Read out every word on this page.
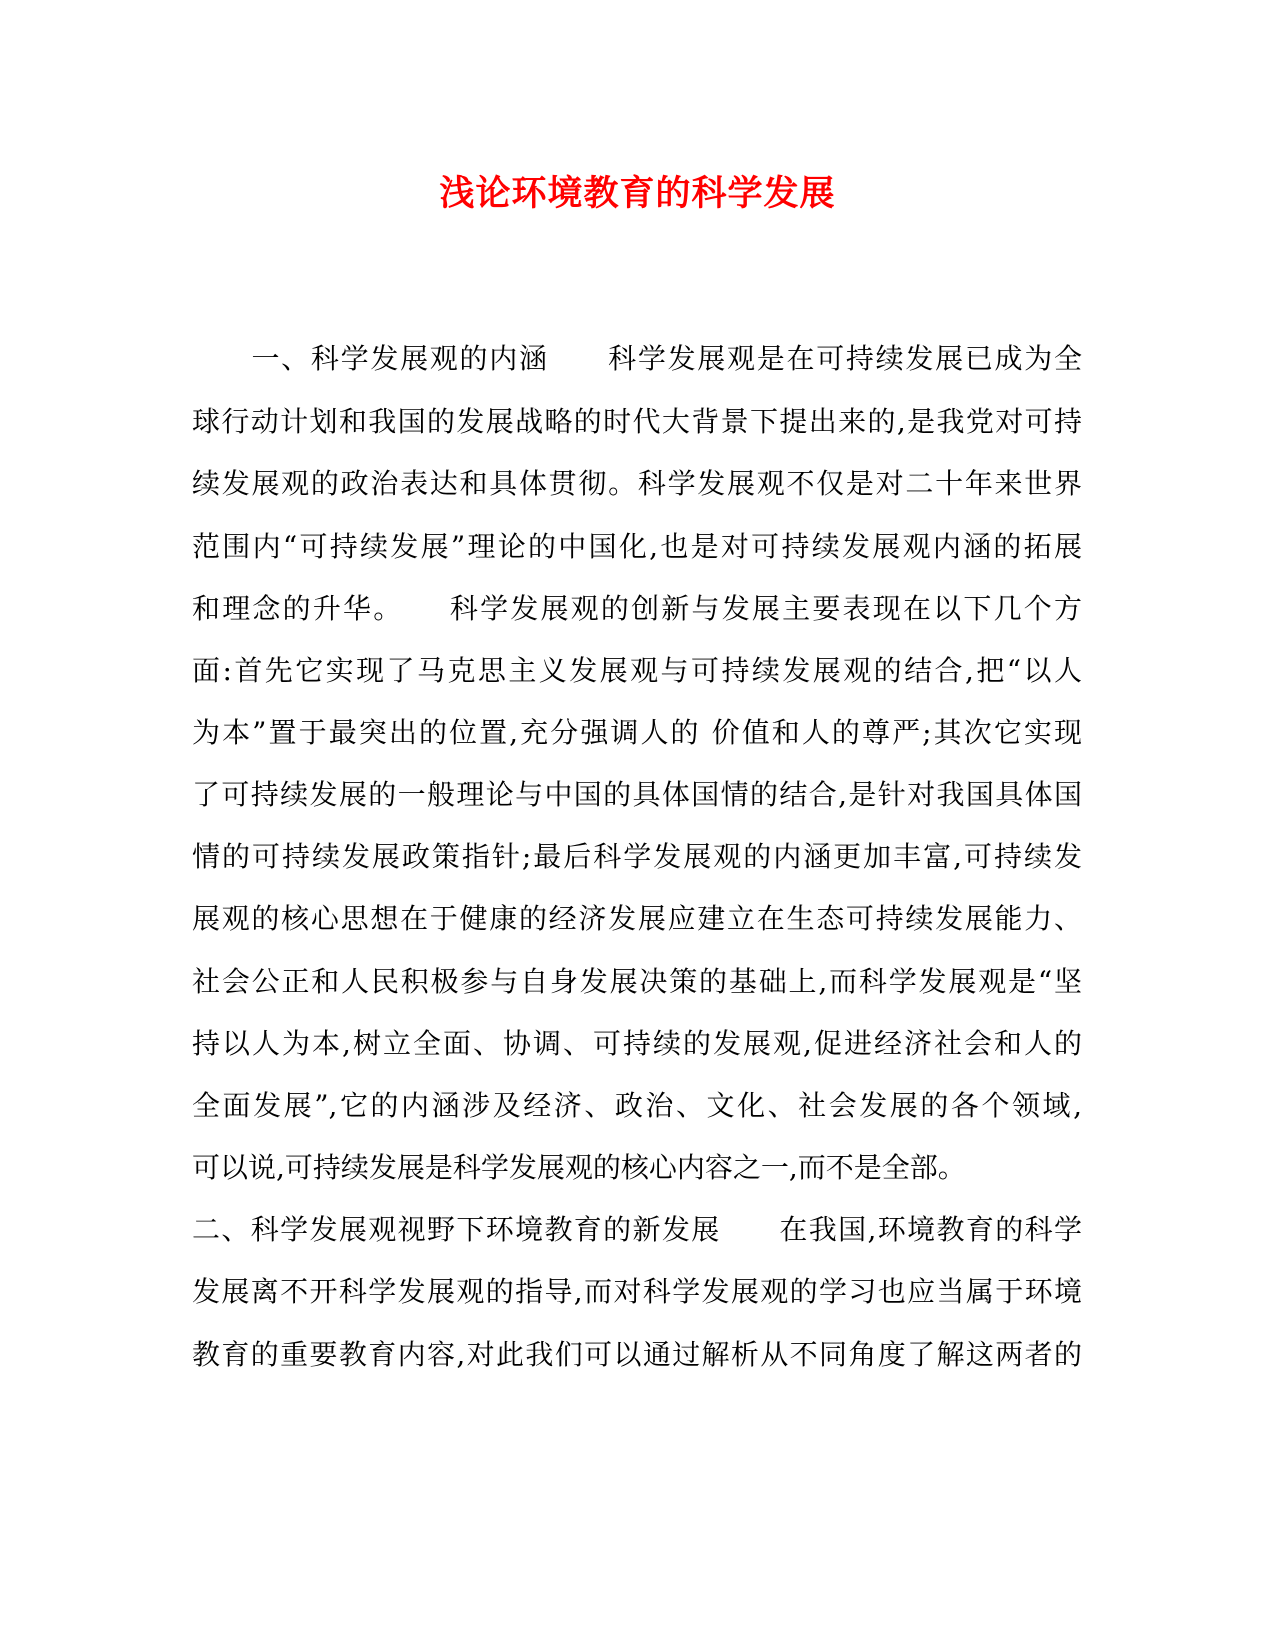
浅论环境教育的科学发展
　　一、科学发展观的内涵　　科学发展观是在可持续发展已成为全
球行动计划和我国的发展战略的时代大背景下提出来的,是我党对可持
续发展观的政治表达和具体贯彻。科学发展观不仅是对二十年来世界
范围内“可持续发展”理论的中国化,也是对可持续发展观内涵的拓展
和理念的升华。　　科学发展观的创新与发展主要表现在以下几个方
面:首先它实现了马克思主义发展观与可持续发展观的结合,把“以人
为本”置于最突出的位置,充分强调人的 价值和人的尊严;其次它实现
了可持续发展的一般理论与中国的具体国情的结合,是针对我国具体国
情的可持续发展政策指针;最后科学发展观的内涵更加丰富,可持续发
展观的核心思想在于健康的经济发展应建立在生态可持续发展能力、
社会公正和人民积极参与自身发展决策的基础上,而科学发展观是“坚
持以人为本,树立全面、协调、可持续的发展观,促进经济社会和人的
全面发展”,它的内涵涉及经济、政治、文化、社会发展的各个领域,
可以说,可持续发展是科学发展观的核心内容之一,而不是全部。
二、科学发展观视野下环境教育的新发展　　在我国,环境教育的科学
发展离不开科学发展观的指导,而对科学发展观的学习也应当属于环境
教育的重要教育内容,对此我们可以通过解析从不同角度了解这两者的
